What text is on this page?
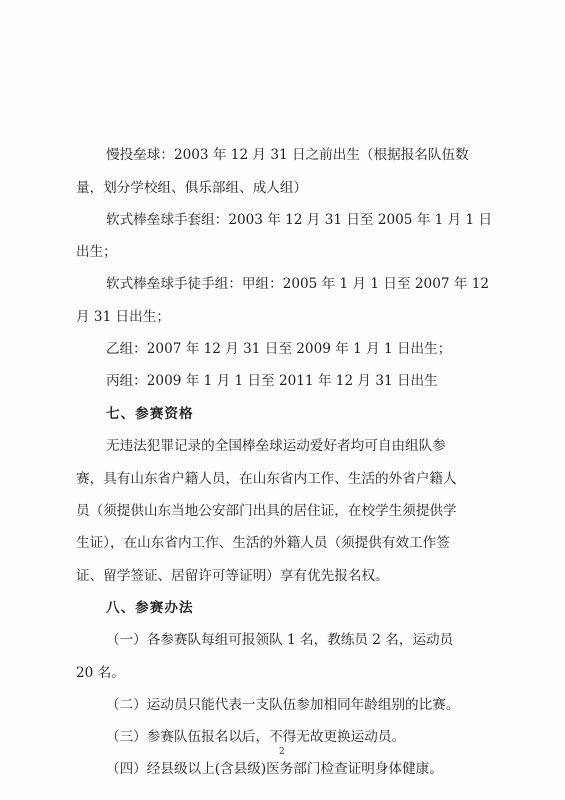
慢投垒球：2003 年 12 月 31 日之前出生（根据报名队伍数
量，划分学校组、俱乐部组、成人组）
软式棒垒球手套组：2003 年 12 月 31 日至 2005 年 1 月 1 日
出生；
软式棒垒球手徒手组：甲组：2005 年 1 月 1 日至 2007 年 12
月 31 日出生；
乙组：2007 年 12 月 31 日至 2009 年 1 月 1 日出生；
丙组：2009 年 1 月 1 日至 2011 年 12 月 31 日出生
七、参赛资格
无违法犯罪记录的全国棒垒球运动爱好者均可自由组队参
赛，具有山东省户籍人员，在山东省内工作、生活的外省户籍人
员（须提供山东当地公安部门出具的居住证，在校学生须提供学
生证），在山东省内工作、生活的外籍人员（须提供有效工作签
证、留学签证、居留许可等证明）享有优先报名权。
八、参赛办法
（一）各参赛队每组可报领队 1 名，教练员 2 名，运动员
20 名。
（二）运动员只能代表一支队伍参加相同年龄组别的比赛。
（三）参赛队伍报名以后，不得无故更换运动员。
（四）经县级以上(含县级)医务部门检查证明身体健康。
2
